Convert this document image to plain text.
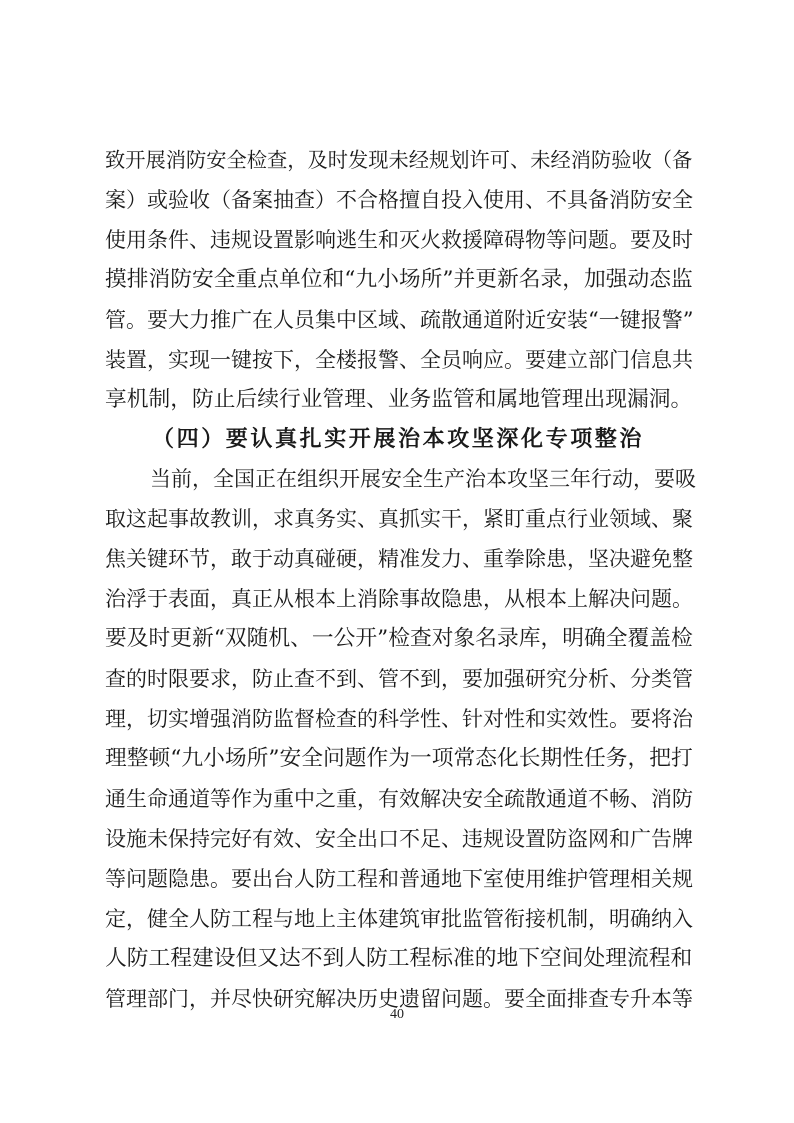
致开展消防安全检查，及时发现未经规划许可、未经消防验收（备
案）或验收（备案抽查）不合格擅自投入使用、不具备消防安全
使用条件、违规设置影响逃生和灭火救援障碍物等问题。要及时
摸排消防安全重点单位和“九小场所”并更新名录，加强动态监
管。要大力推广在人员集中区域、疏散通道附近安装“一键报警”
装置，实现一键按下，全楼报警、全员响应。要建立部门信息共
享机制，防止后续行业管理、业务监管和属地管理出现漏洞。
（四）要认真扎实开展治本攻坚深化专项整治
当前，全国正在组织开展安全生产治本攻坚三年行动，要吸
取这起事故教训，求真务实、真抓实干，紧盯重点行业领域、聚
焦关键环节，敢于动真碰硬，精准发力、重拳除患，坚决避免整
治浮于表面，真正从根本上消除事故隐患，从根本上解决问题。
要及时更新“双随机、一公开”检查对象名录库，明确全覆盖检
查的时限要求，防止查不到、管不到，要加强研究分析、分类管
理，切实增强消防监督检查的科学性、针对性和实效性。要将治
理整顿“九小场所”安全问题作为一项常态化长期性任务，把打
通生命通道等作为重中之重，有效解决安全疏散通道不畅、消防
设施未保持完好有效、安全出口不足、违规设置防盗网和广告牌
等问题隐患。要出台人防工程和普通地下室使用维护管理相关规
定，健全人防工程与地上主体建筑审批监管衔接机制，明确纳入
人防工程建设但又达不到人防工程标准的地下空间处理流程和
管理部门，并尽快研究解决历史遗留问题。要全面排查专升本等
40
